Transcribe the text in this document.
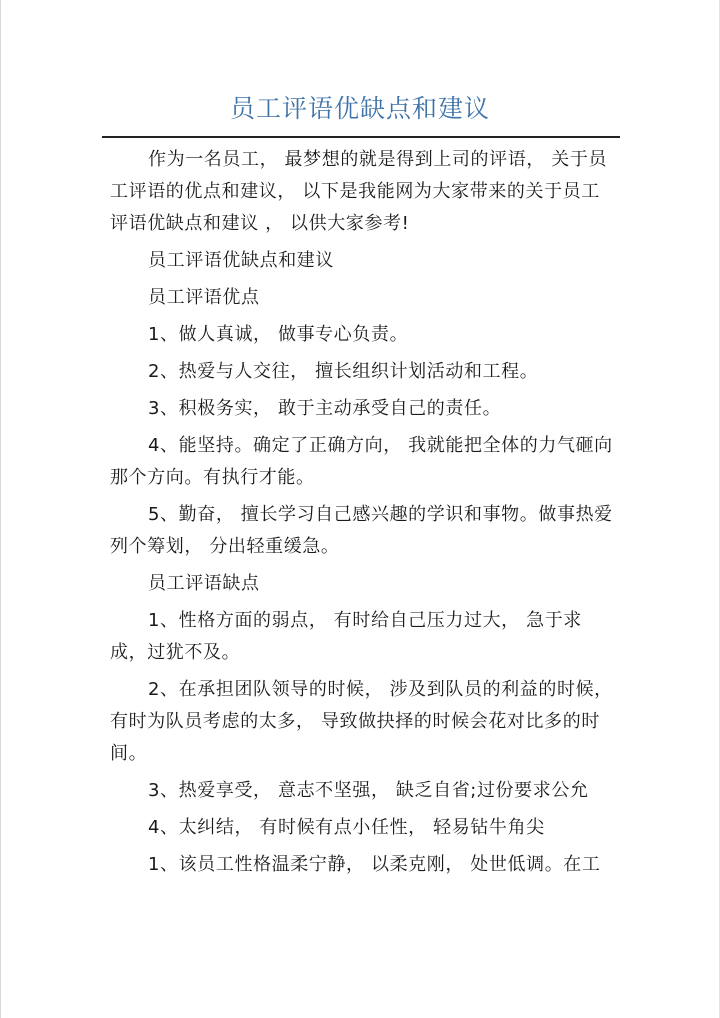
员工评语优缺点和建议

作为一名员工， 最梦想的就是得到上司的评语， 关于员工评语的优点和建议， 以下是我能网为大家带来的关于员工评语优缺点和建议 ， 以供大家参考!

员工评语优缺点和建议

员工评语优点

1、做人真诚， 做事专心负责。

2、热爱与人交往， 擅长组织计划活动和工程。

3、积极务实， 敢于主动承受自己的责任。

4、能坚持。确定了正确方向， 我就能把全体的力气砸向那个方向。有执行才能。

5、勤奋， 擅长学习自己感兴趣的学识和事物。做事热爱列个筹划， 分出轻重缓急。

员工评语缺点

1、性格方面的弱点， 有时给自己压力过大， 急于求成，过犹不及。

2、在承担团队领导的时候， 涉及到队员的利益的时候，有时为队员考虑的太多， 导致做抉择的时候会花对比多的时间。

3、热爱享受， 意志不坚强， 缺乏自省;过份要求公允

4、太纠结， 有时候有点小任性， 轻易钻牛角尖

1、该员工性格温柔宁静， 以柔克刚， 处世低调。在工
